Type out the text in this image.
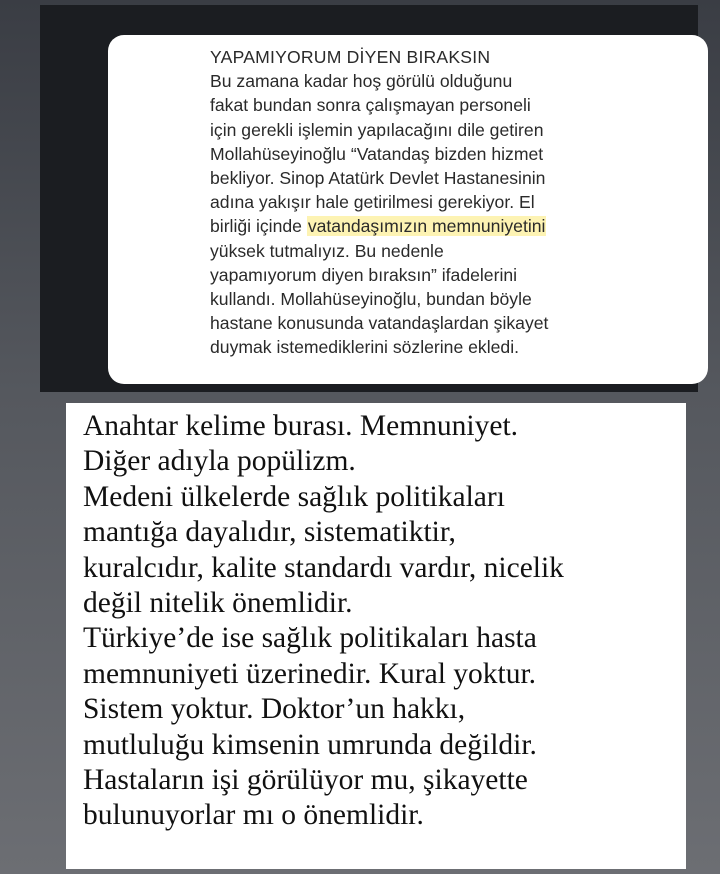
YAPAMIYORUM DİYEN BIRAKSIN
Bu zamana kadar hoş görülü olduğunu
fakat bundan sonra çalışmayan personeli
için gerekli işlemin yapılacağını dile getiren
Mollahüseyinoğlu “Vatandaş bizden hizmet
bekliyor. Sinop Atatürk Devlet Hastanesinin
adına yakışır hale getirilmesi gerekiyor. El
birliği içinde vatandaşımızın memnuniyetini
yüksek tutmalıyız. Bu nedenle
yapamıyorum diyen bıraksın” ifadelerini
kullandı. Mollahüseyinoğlu, bundan böyle
hastane konusunda vatandaşlardan şikayet
duymak istemediklerini sözlerine ekledi.
Anahtar kelime burası. Memnuniyet.
Diğer adıyla popülizm.
Medeni ülkelerde sağlık politikaları
mantığa dayalıdır, sistematiktir,
kuralcıdır, kalite standardı vardır, nicelik
değil nitelik önemlidir.
Türkiye’de ise sağlık politikaları hasta
memnuniyeti üzerinedir. Kural yoktur.
Sistem yoktur. Doktor’un hakkı,
mutluluğu kimsenin umrunda değildir.
Hastaların işi görülüyor mu, şikayette
bulunuyorlar mı o önemlidir.
